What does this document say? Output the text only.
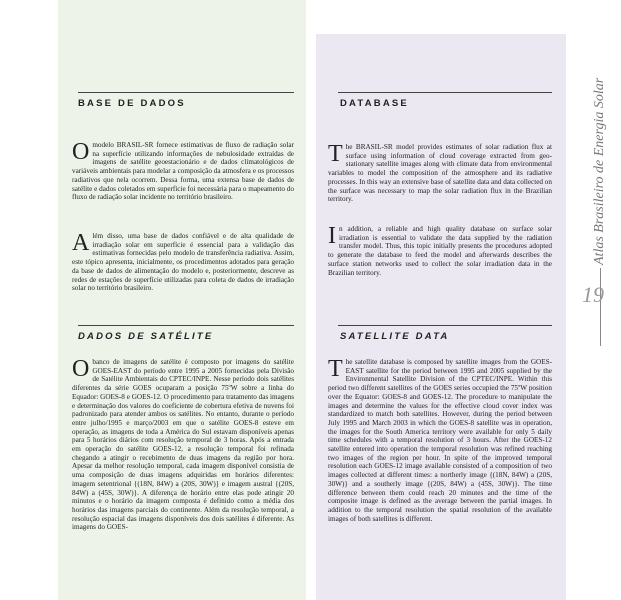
BASE DE DADOS
O modelo BRASIL-SR fornece estimativas de fluxo de radiação solar na superfície utilizando informações de nebulosidade extraídas de imagens de satélite geoestacionário e de dados climatológicos de variáveis ambientais para modelar a composição da atmosfera e os processos radiativos que nela ocorrem. Dessa forma, uma extensa base de dados de satélite e dados coletados em superfície foi necessária para o mapeamento do fluxo de radiação solar incidente no território brasileiro.
Além disso, uma base de dados confiável e de alta qualidade de irradiação solar em superfície é essencial para a validação das estimativas fornecidas pelo modelo de transferência radiativa. Assim, este tópico apresenta, inicialmente, os procedimentos adotados para geração da base de dados de alimentação do modelo e, posteriormente, descreve as redes de estações de superfície utilizadas para coleta de dados de irradiação solar no território brasileiro.
DADOS DE SATÉLITE
O banco de imagens de satélite é composto por imagens do satélite GOES-EAST do período entre 1995 a 2005 fornecidas pela Divisão de Satélite Ambientais do CPTEC/INPE. Nesse período dois satélites diferentes da série GOES ocuparam a posição 75ºW sobre a linha do Equador: GOES-8 e GOES-12. O procedimento para tratamento das imagens e determinação dos valores do coeficiente de cobertura efetiva de nuvens foi padronizado para atender ambos os satélites. No entanto, durante o período entre julho/1995 e março/2003 em que o satélite GOES-8 esteve em operação, as imagens de toda a América do Sul estavam disponíveis apenas para 5 horários diários com resolução temporal de 3 horas. Após a entrada em operação do satélite GOES-12, a resolução temporal foi refinada chegando a atingir o recebimento de duas imagens da região por hora. Apesar da melhor resolução temporal, cada imagem disponível consistia de uma composição de duas imagens adquiridas em horários diferentes: imagem setentrional {(18N, 84W) a (20S, 30W)} e imagem austral {(20S, 84W) a (45S, 30W)}. A diferença de horário entre elas pode atingir 20 minutos e o horário da imagem composta é definido como a média dos horários das imagens parciais do continente. Além da resolução temporal, a resolução espacial das imagens disponíveis dos dois satélites é diferente. As imagens do GOES-
DATABASE
The BRASIL-SR model provides estimates of solar radiation flux at surface using information of cloud coverage extracted from geo-stationary satellite images along with climate data from environmental variables to model the composition of the atmosphere and its radiative processes. In this way an extensive base of satellite data and data collected on the surface was necessary to map the solar radiation flux in the Brazilian territory.
In addition, a reliable and high quality database on surface solar irradiation is essential to validate the data supplied by the radiation transfer model. Thus, this topic initially presents the procedures adopted to generate the database to feed the model and afterwards describes the surface station networks used to collect the solar irradiation data in the Brazilian territory.
SATELLITE DATA
The satellite database is composed by satellite images from the GOES-EAST satellite for the period between 1995 and 2005 supplied by the Environmental Satellite Division of the CPTEC/INPE. Within this period two different satellites of the GOES series occupied the 75ºW position over the Equator: GOES-8 and GOES-12. The procedure to manipulate the images and determine the values for the effective cloud cover index was standardized to match both satellites. However, during the period between July 1995 and March 2003 in which the GOES-8 satellite was in operation, the images for the South America territory were available for only 5 daily time schedules with a temporal resolution of 3 hours. After the GOES-12 satellite entered into operation the temporal resolution was refined reaching two images of the region per hour. In spite of the improved temporal resolution each GOES-12 image available consisted of a composition of two images collected at different times: a northerly image {(18N, 84W) a (20S, 30W)} and a southerly image {(20S, 84W) a (45S, 30W)}. The time difference between them could reach 20 minutes and the time of the composite image is defined as the average between the partial images. In addition to the temporal resolution the spatial resolution of the available images of both satellites is different.
Atlas Brasileiro de Energia Solar
19
